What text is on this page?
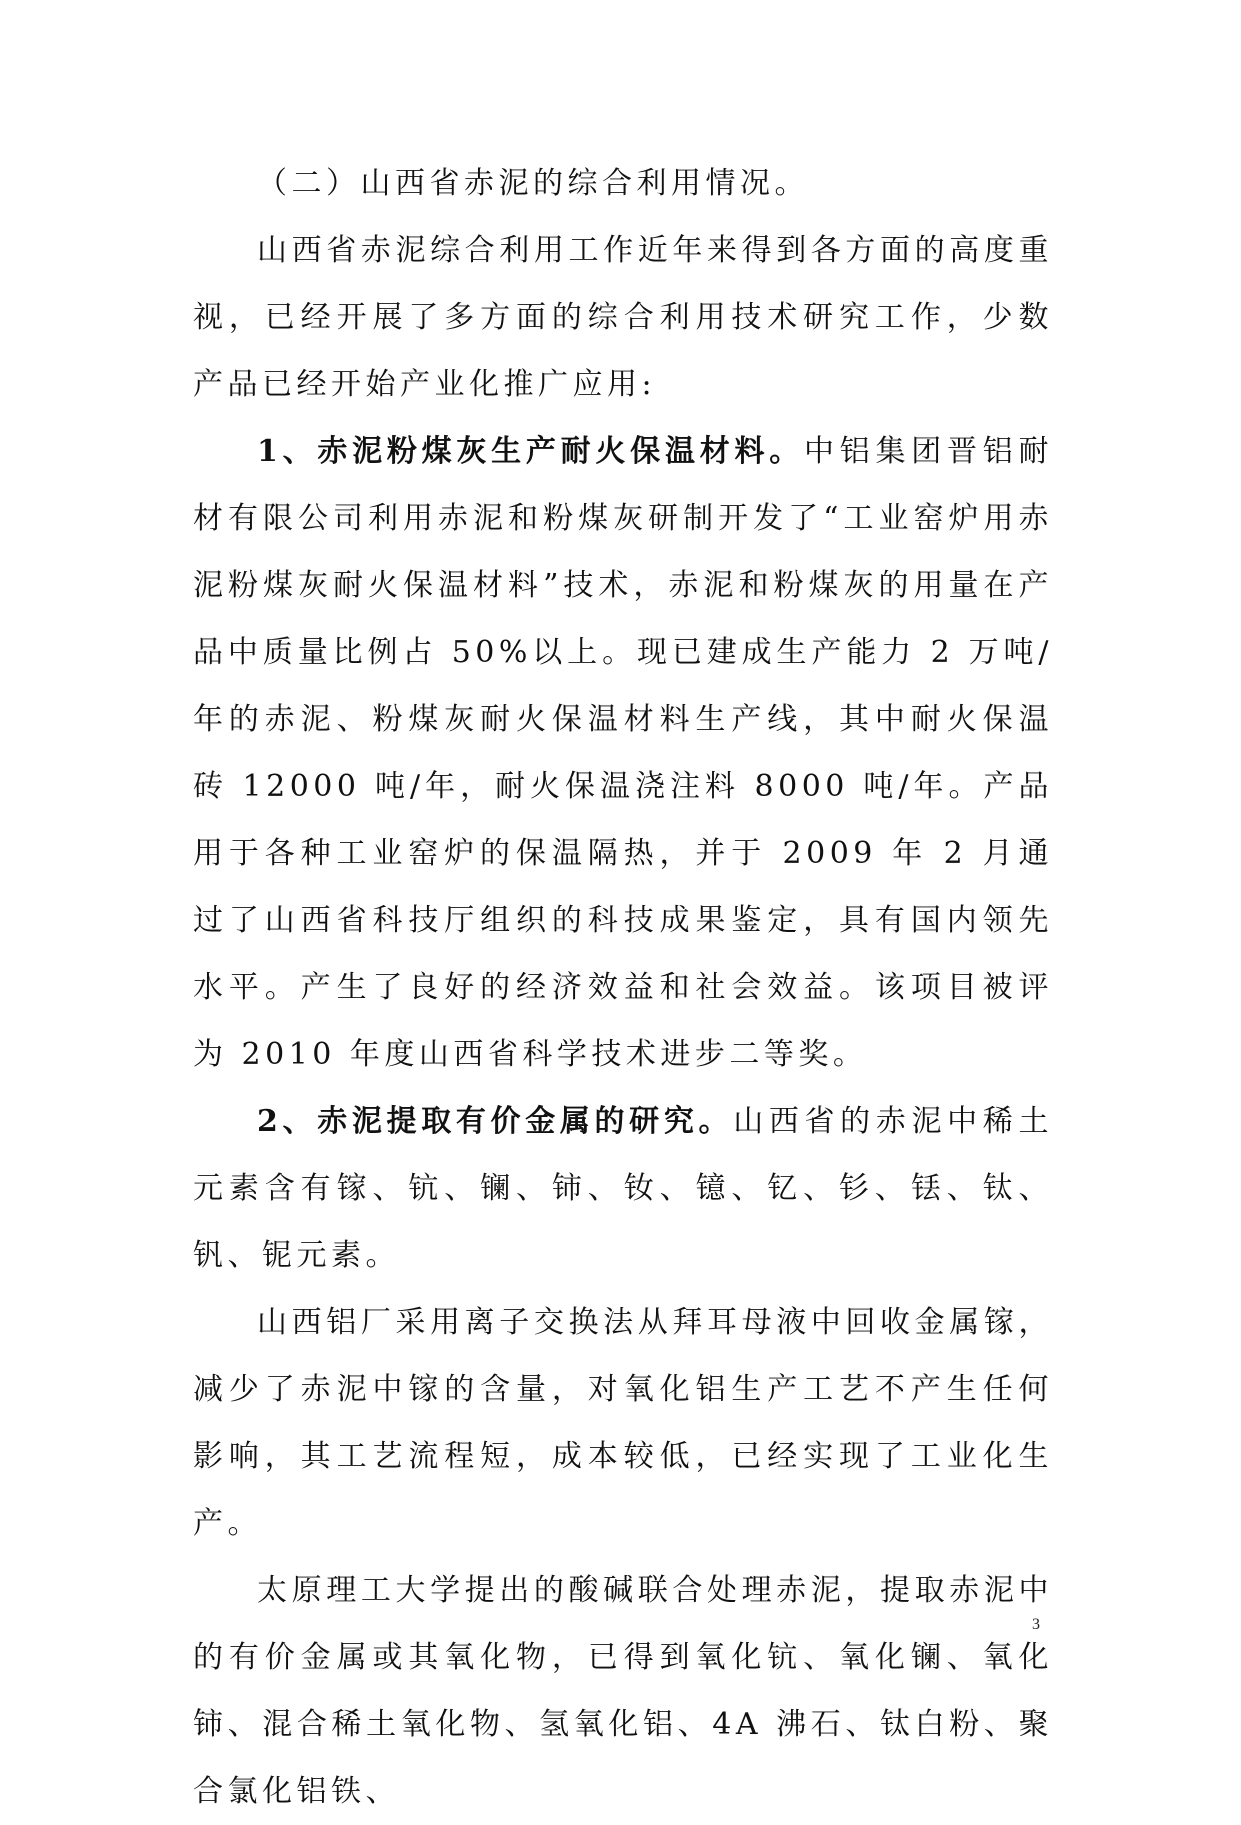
（二）山西省赤泥的综合利用情况。

山西省赤泥综合利用工作近年来得到各方面的高度重视，已经开展了多方面的综合利用技术研究工作，少数产品已经开始产业化推广应用:

1、赤泥粉煤灰生产耐火保温材料。中铝集团晋铝耐材有限公司利用赤泥和粉煤灰研制开发了“工业窑炉用赤泥粉煤灰耐火保温材料”技术，赤泥和粉煤灰的用量在产品中质量比例占 50%以上。现已建成生产能力 2 万吨/年的赤泥、粉煤灰耐火保温材料生产线，其中耐火保温砖 12000 吨/年，耐火保温浇注料 8000 吨/年。产品用于各种工业窑炉的保温隔热，并于 2009 年 2 月通过了山西省科技厅组织的科技成果鉴定，具有国内领先水平。产生了良好的经济效益和社会效益。该项目被评为 2010 年度山西省科学技术进步二等奖。

2、赤泥提取有价金属的研究。山西省的赤泥中稀土元素含有镓、钪、镧、铈、钕、镱、钇、钐、铥、钛、钒、铌元素。

山西铝厂采用离子交换法从拜耳母液中回收金属镓，减少了赤泥中镓的含量，对氧化铝生产工艺不产生任何影响，其工艺流程短，成本较低，已经实现了工业化生产。

太原理工大学提出的酸碱联合处理赤泥，提取赤泥中的有价金属或其氧化物，已得到氧化钪、氧化镧、氧化铈、混合稀土氧化物、氢氧化铝、4A 沸石、钛白粉、聚合氯化铝铁、

3
